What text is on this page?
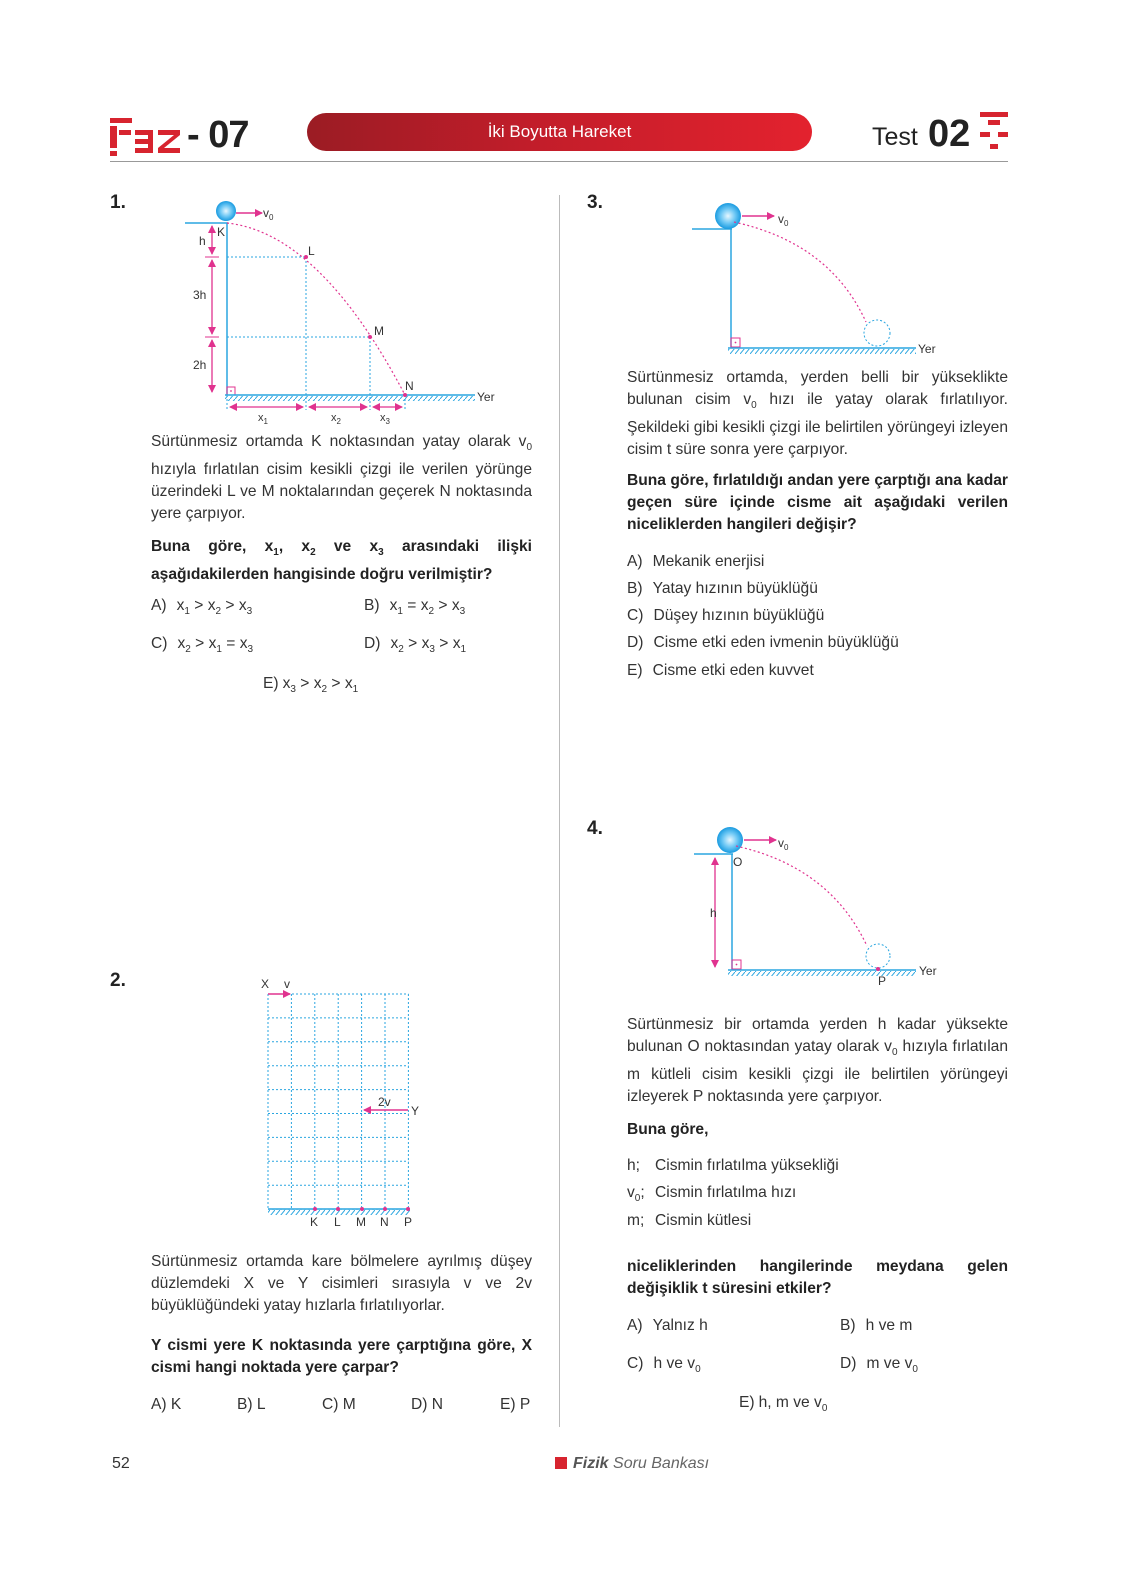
- 07	İki Boyutta Hareket	Test 02
1.	$v_0$
K
L
M
N
h
3h
2h
Yer
$x_1$	$x_2$	$x_3$
Sürtünmesiz ortamda K noktasından yatay olarak $v_0$ hızıyla fırlatılan cisim kesikli çizgi ile verilen yörünge üzerindeki L ve M noktalarından geçerek N noktasında yere çarpıyor.
Buna göre, $x_1$, $x_2$ ve $x_3$ arasındaki ilişki aşağıdakilerden hangisinde doğru verilmiştir?
A) $x_1 > x_2 > x_3$	B) $x_1 = x_2 > x_3$
C) $x_2 > x_1 = x_3$	D) $x_2 > x_3 > x_1$
E) $x_3 > x_2 > x_1$
2.	X v
Y
2v
K L M N P
Sürtünmesiz ortamda kare bölmelere ayrılmış düşey düzlemdeki X ve Y cisimleri sırasıyla v ve 2v büyüklüğündeki yatay hızlarla fırlatılıyorlar.
Y cismi yere K noktasında yere çarptığına göre, X cismi hangi noktada yere çarpar?
A) K	B) L	C) M	D) N	E) P
3.
$v_0$
Yer
Sürtünmesiz ortamda, yerden belli bir yükseklikte bulunan cisim $v_0$ hızı ile yatay olarak fırlatılıyor. Şekildeki gibi kesikli çizgi ile belirtilen yörüngeyi izleyen cisim t süre sonra yere çarpıyor.
Buna göre, fırlatıldığı andan yere çarptığı ana kadar geçen süre içinde cisme ait aşağıdaki verilen niceliklerden hangileri değişir?
A) Mekanik enerjisi
B) Yatay hızının büyüklüğü
C) Düşey hızının büyüklüğü
D) Cisme etki eden ivmenin büyüklüğü
E) Cisme etki eden kuvvet
4.
$v_0$
O
h
P
Yer
Sürtünmesiz bir ortamda yerden h kadar yüksekte bulunan O noktasından yatay olarak $v_0$ hızıyla fırlatılan m kütleli cisim kesikli çizgi ile belirtilen yörüngeyi izleyerek P noktasında yere çarpıyor.
Buna göre,
h; Cismin fırlatılma yüksekliği
$v_0$; Cismin fırlatılma hızı
m; Cismin kütlesi
niceliklerinden hangilerinde meydana gelen değişiklik t süresini etkiler?
A) Yalnız h	B) h ve m
C) h ve $v_0$	D) m ve $v_0$
E) h, m ve $v_0$
52	Fizik Soru Bankası
